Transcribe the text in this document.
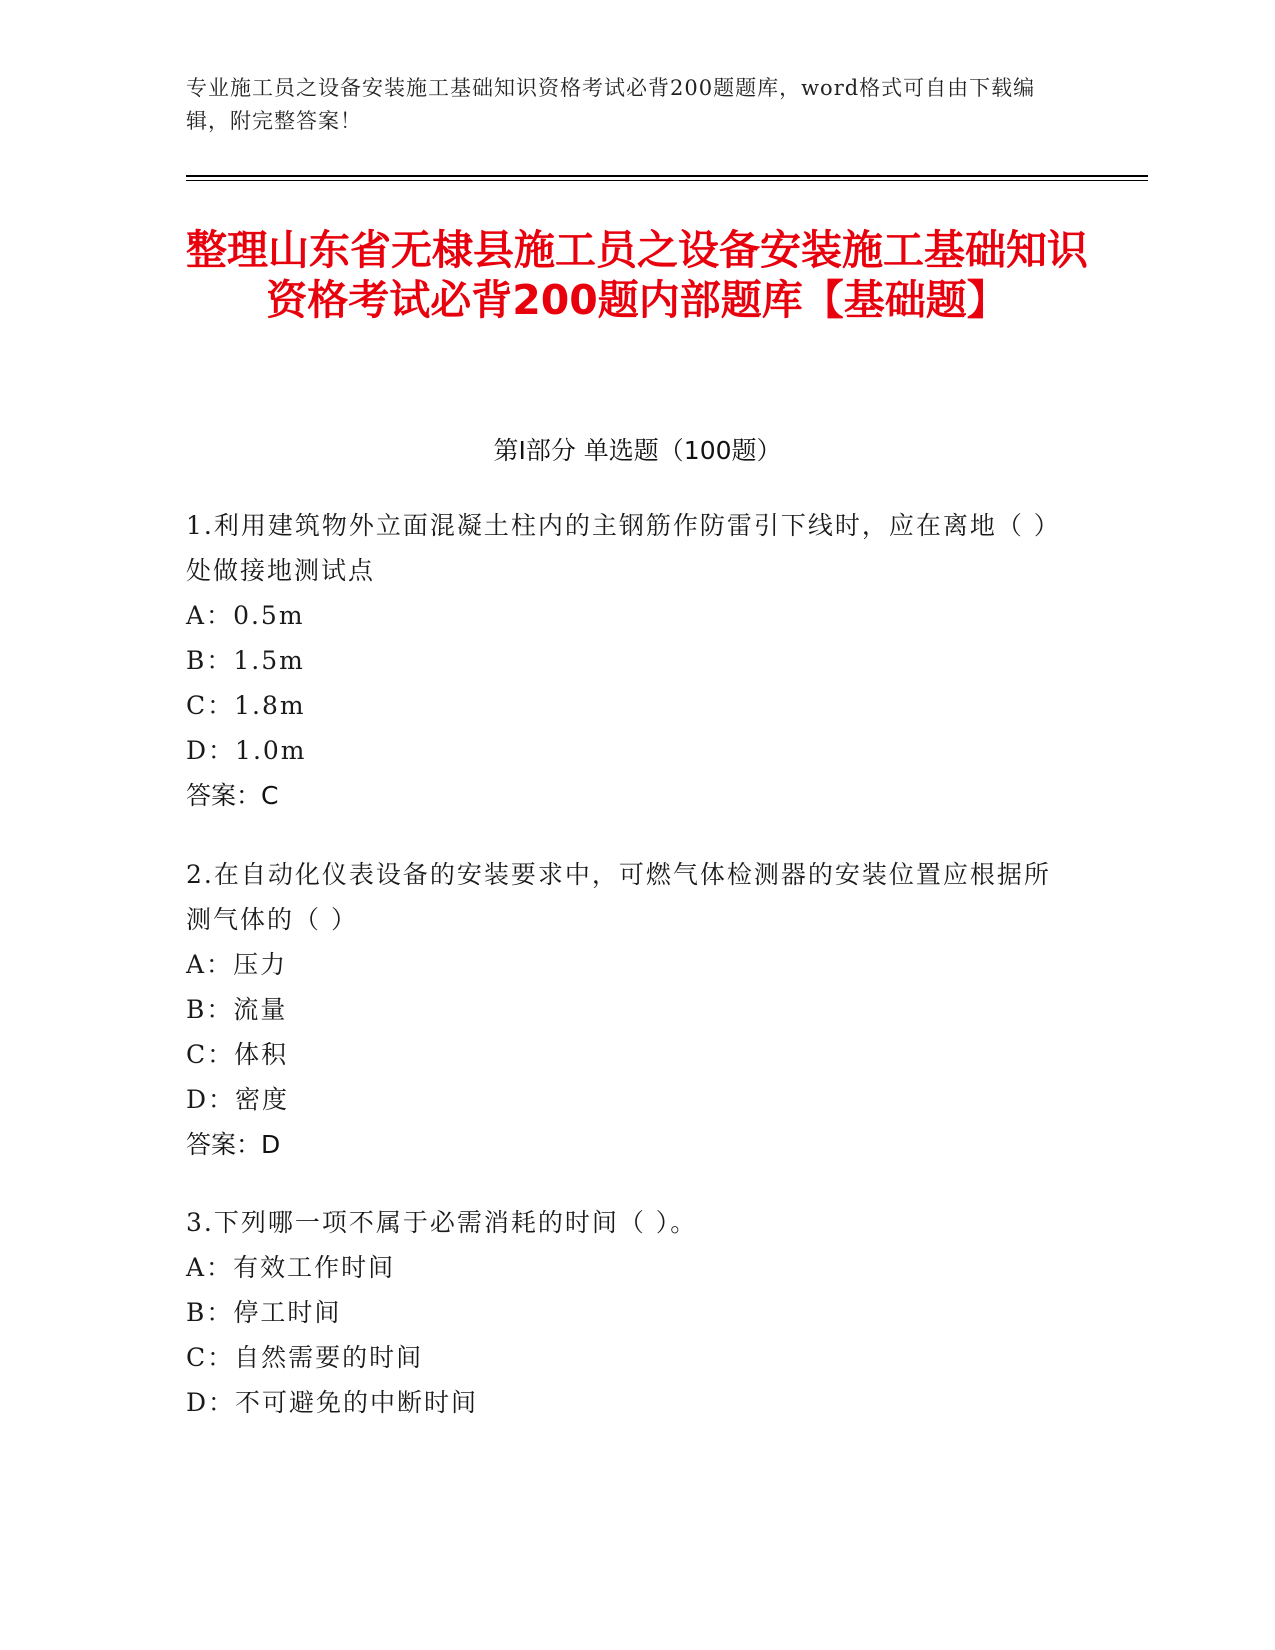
专业施工员之设备安装施工基础知识资格考试必背200题题库，word格式可自由下载编辑，附完整答案！
整理山东省无棣县施工员之设备安装施工基础知识资格考试必背200题内部题库【基础题】
第I部分 单选题（100题）

1.利用建筑物外立面混凝土柱内的主钢筋作防雷引下线时，应在离地（ ）处做接地测试点

A：0.5m

B：1.5m

C：1.8m

D：1.0m

答案：C

2.在自动化仪表设备的安装要求中，可燃气体检测器的安装位置应根据所测气体的（ ）

A：压力

B：流量

C：体积

D：密度

答案：D

3.下列哪一项不属于必需消耗的时间（ ）。

A：有效工作时间

B：停工时间

C：自然需要的时间

D：不可避免的中断时间
